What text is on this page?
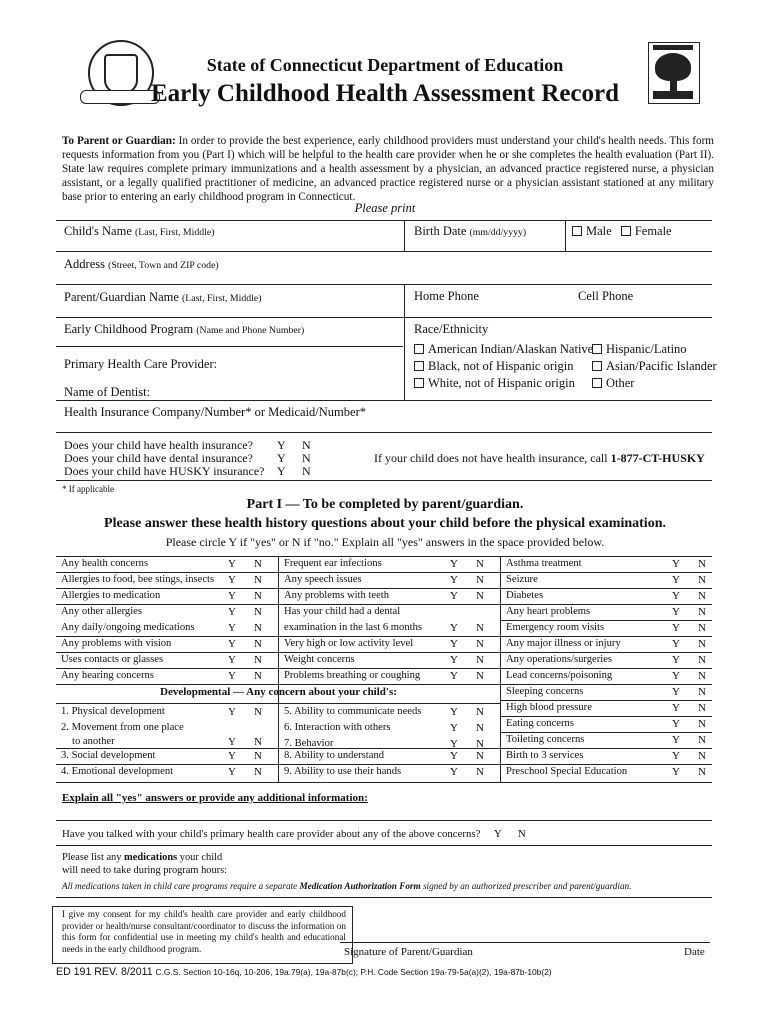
State of Connecticut Department of Education
Early Childhood Health Assessment Record
To Parent or Guardian: In order to provide the best experience, early childhood providers must understand your child's health needs. This form requests information from you (Part I) which will be helpful to the health care provider when he or she completes the health evaluation (Part II). State law requires complete primary immunizations and a health assessment by a physician, an advanced practice registered nurse, a physician assistant, or a legally qualified practitioner of medicine, an advanced practice registered nurse or a physician assistant stationed at any military base prior to entering an early childhood program in Connecticut.
Please print
Child's Name (Last, First, Middle)	Birth Date (mm/dd/yyyy)	Male Female
Address (Street, Town and ZIP code)
Parent/Guardian Name (Last, First, Middle)	Home Phone	Cell Phone
Early Childhood Program (Name and Phone Number)	Race/Ethnicity
American Indian/Alaskan Native	Hispanic/Latino
Black, not of Hispanic origin	Asian/Pacific Islander
White, not of Hispanic origin	Other
Primary Health Care Provider:
Name of Dentist:
Health Insurance Company/Number* or Medicaid/Number*
Does your child have health insurance? Y N
Does your child have dental insurance? Y N
Does your child have HUSKY insurance? Y N
If your child does not have health insurance, call 1-877-CT-HUSKY
* If applicable
Part I — To be completed by parent/guardian.
Please answer these health history questions about your child before the physical examination.
Please circle Y if "yes" or N if "no." Explain all "yes" answers in the space provided below.
Any health concerns	Y N
Allergies to food, bee stings, insects Y N
Allergies to medication	Y N
Any other allergies	Y N
Any daily/ongoing medications	Y N
Any problems with vision	Y N
Uses contacts or glasses	Y N
Any hearing concerns	Y N
Frequent ear infections	Y N
Any speech issues	Y N
Any problems with teeth	Y N
Has your child had a dental
examination in the last 6 months	Y N
Very high or low activity level	Y N
Weight concerns	Y N
Problems breathing or coughing	Y N
Asthma treatment	Y N
Seizure	Y N
Diabetes	Y N
Any heart problems	Y N
Emergency room visits	Y N
Any major illness or injury	Y N
Any operations/surgeries	Y N
Lead concerns/poisoning	Y N
Sleeping concerns	Y N
High blood pressure	Y N
Eating concerns	Y N
Toileting concerns	Y N
Birth to 3 services	Y N
Preschool Special Education	Y N
Developmental — Any concern about your child's:
1. Physical development	Y N
2. Movement from one place
to another	Y N
3. Social development	Y N
4. Emotional development	Y N
5. Ability to communicate needs	Y N
6. Interaction with others	Y N
7. Behavior	Y N
8. Ability to understand	Y N
9. Ability to use their hands	Y N
Explain all "yes" answers or provide any additional information:
Have you talked with your child's primary health care provider about any of the above concerns? Y N
Please list any medications your child
will need to take during program hours:
All medications taken in child care programs require a separate Medication Authorization Form signed by an authorized prescriber and parent/guardian.
I give my consent for my child's health care provider and early childhood provider or health/nurse consultant/coordinator to discuss the information on this form for confidential use in meeting my child's health and educational needs in the early childhood program.	Signature of Parent/Guardian	Date
ED 191 REV. 8/2011 C.G.S. Section 10-16q, 10-206, 19a.79(a), 19a-87b(c); P.H. Code Section 19a-79-5a(a)(2), 19a-87b-10b(2)
